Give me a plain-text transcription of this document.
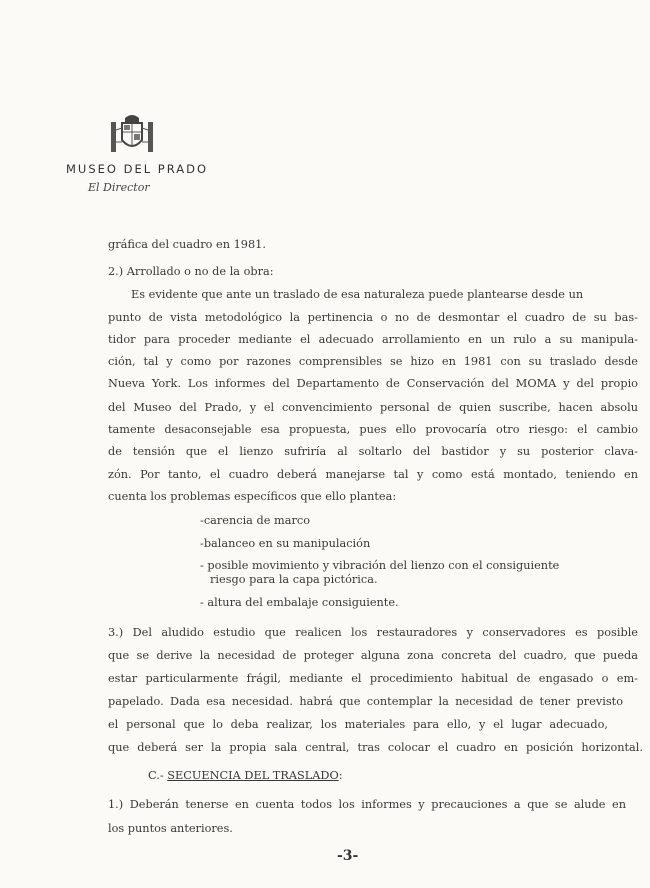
MUSEO DEL PRADO
El Director
gráfica del cuadro en 1981.
2.) Arrollado o no de la obra:
Es evidente que ante un traslado de esa naturaleza puede plantearse desde un
punto de vista metodológico la pertinencia o no de desmontar el cuadro de su bas-
tidor para proceder mediante el adecuado arrollamiento en un rulo a su manipula-
ción, tal y como por razones comprensibles se hizo en 1981 con su traslado desde
Nueva York. Los informes del Departamento de Conservación del MOMA y del propio
del Museo del Prado, y el convencimiento personal de quien suscribe, hacen absolu
tamente desaconsejable esa propuesta, pues ello provocaría otro riesgo: el cambio
de tensión que el lienzo sufriría al soltarlo del bastidor y su posterior clava-
zón. Por tanto, el cuadro deberá manejarse tal y como está montado, teniendo en
cuenta los problemas específicos que ello plantea:
-carencia de marco
-balanceo en su manipulación
- posible movimiento y vibración del lienzo con el consiguiente
riesgo para la capa pictórica.
- altura del embalaje consiguiente.
3.) Del aludido estudio que realicen los restauradores y conservadores es posible
que se derive la necesidad de proteger alguna zona concreta del cuadro, que pueda
estar particularmente frágil, mediante el procedimiento habitual de engasado o em-
papelado. Dada esa necesidad. habrá que contemplar la necesidad de tener previsto
el personal que lo deba realizar, los materiales para ello, y el lugar adecuado,
que deberá ser la propia sala central, tras colocar el cuadro en posición horizontal.
C.- SECUENCIA DEL TRASLADO:
1.) Deberán tenerse en cuenta todos los informes y precauciones a que se alude en
los puntos anteriores.
-3-
